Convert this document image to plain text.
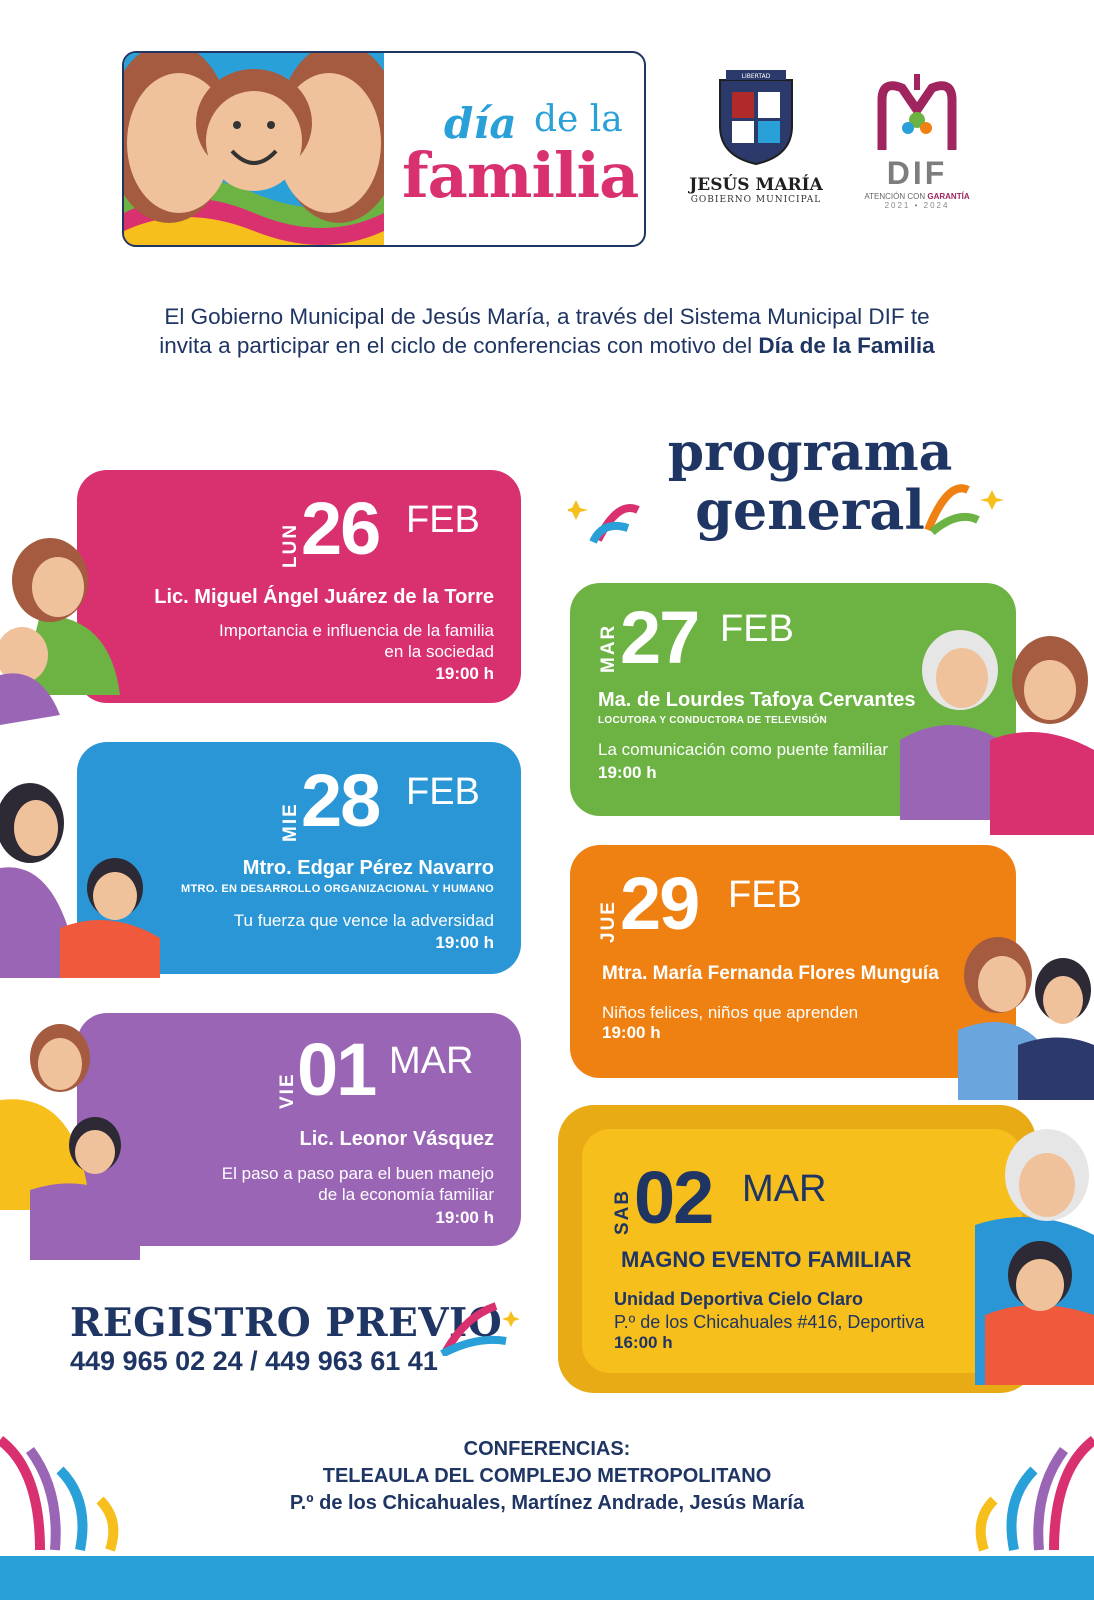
día de la
familia
LIBERTAD
JESÚS MARÍA
GOBIERNO MUNICIPAL
DIF
ATENCIÓN CON GARANTÍA
2021 • 2024
El Gobierno Municipal de Jesús María, a través del Sistema Municipal DIF te invita a participar en el ciclo de conferencias con motivo del Día de la Familia
programa
general
LUN 26 FEB
Lic. Miguel Ángel Juárez de la Torre
Importancia e influencia de la familia
en la sociedad
19:00 h
MIE 28 FEB
Mtro. Edgar Pérez Navarro
MTRO. EN DESARROLLO ORGANIZACIONAL Y HUMANO
Tu fuerza que vence la adversidad
19:00 h
VIE 01 MAR
Lic. Leonor Vásquez
El paso a paso para el buen manejo
de la economía familiar
19:00 h
MAR 27 FEB
Ma. de Lourdes Tafoya Cervantes
LOCUTORA Y CONDUCTORA DE TELEVISIÓN
La comunicación como puente familiar
19:00 h
JUE 29 FEB
Mtra. María Fernanda Flores Munguía
Niños felices, niños que aprenden
19:00 h
SAB 02 MAR
MAGNO EVENTO FAMILIAR
Unidad Deportiva Cielo Claro
P.º de los Chicahuales #416, Deportiva
16:00 h
REGISTRO PREVIO
449 965 02 24 / 449 963 61 41
CONFERENCIAS:
TELEAULA DEL COMPLEJO METROPOLITANO
P.º de los Chicahuales, Martínez Andrade, Jesús María
